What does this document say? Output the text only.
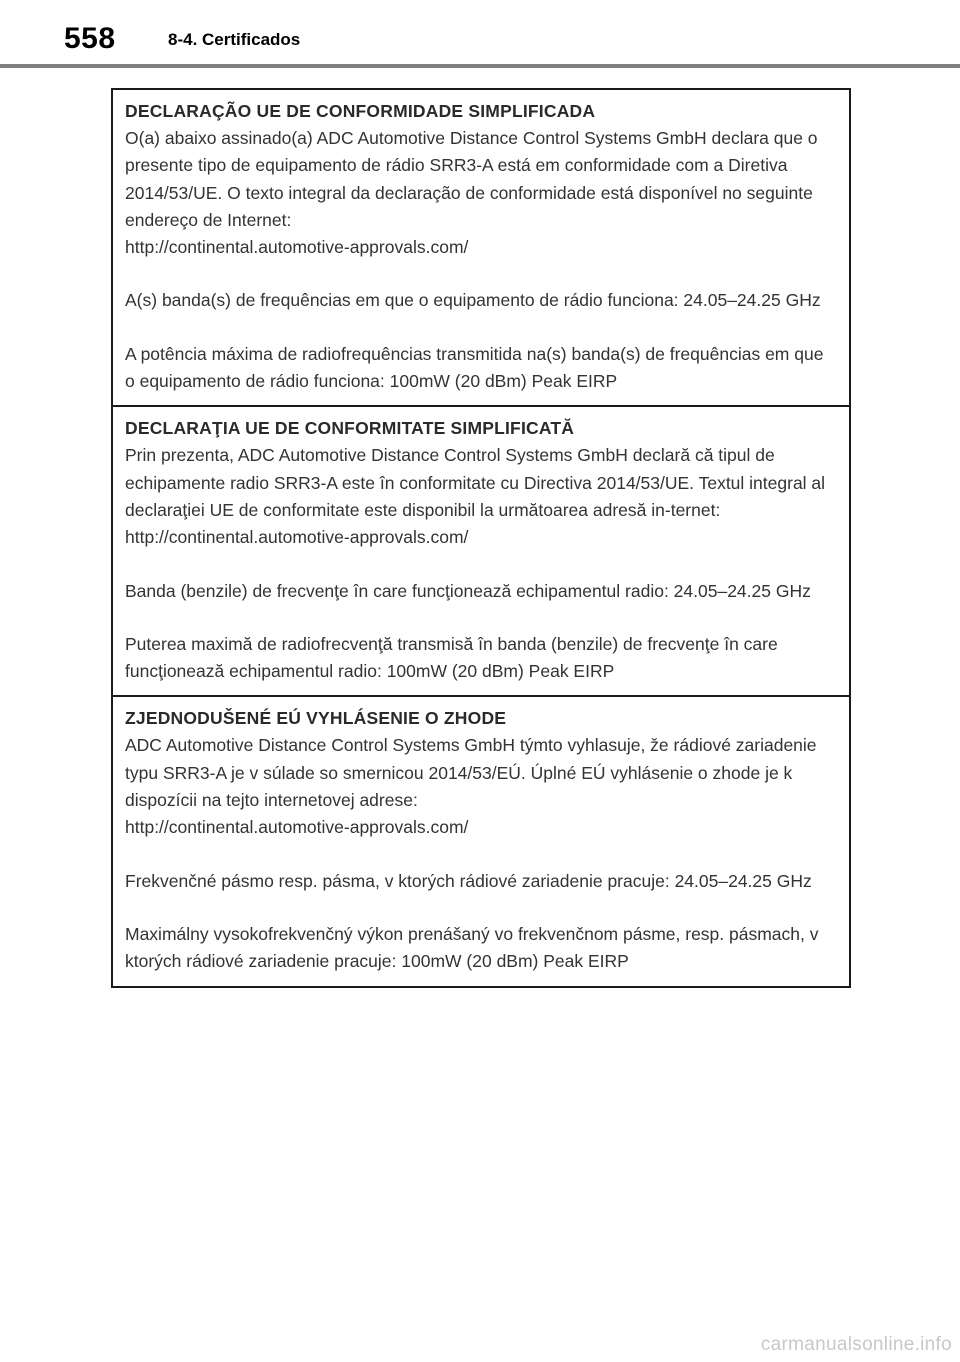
558	8-4. Certificados
DECLARAÇÃO UE DE CONFORMIDADE SIMPLIFICADA

O(a) abaixo assinado(a) ADC Automotive Distance Control Systems GmbH declara que o presente tipo de equipamento de rádio SRR3-A está em conformidade com a Diretiva 2014/53/UE. O texto integral da declaração de conformidade está disponível no seguinte endereço de Internet:
http://continental.automotive-approvals.com/

A(s) banda(s) de frequências em que o equipamento de rádio funciona: 24.05–24.25 GHz

A potência máxima de radiofrequências transmitida na(s) banda(s) de frequências em que o equipamento de rádio funciona: 100mW (20 dBm) Peak EIRP

DECLARAŢIA UE DE CONFORMITATE SIMPLIFICATĂ

Prin prezenta, ADC Automotive Distance Control Systems GmbH declară că tipul de echipamente radio SRR3-A este în conformitate cu Directiva 2014/53/UE. Textul integral al declaraţiei UE de conformitate este disponibil la următoarea adresă in-ternet:
http://continental.automotive-approvals.com/

Banda (benzile) de frecvenţe în care funcţionează echipamentul radio: 24.05–24.25 GHz

Puterea maximă de radiofrecvenţă transmisă în banda (benzile) de frecvenţe în care funcţionează echipamentul radio: 100mW (20 dBm) Peak EIRP

ZJEDNODUŠENÉ EÚ VYHLÁSENIE O ZHODE

ADC Automotive Distance Control Systems GmbH týmto vyhlasuje, že rádiové zariadenie typu SRR3-A je v súlade so smernicou 2014/53/EÚ. Úplné EÚ vyhlásenie o zhode je k dispozícii na tejto internetovej adrese:
http://continental.automotive-approvals.com/

Frekvenčné pásmo resp. pásma, v ktorých rádiové zariadenie pracuje: 24.05–24.25 GHz

Maximálny vysokofrekvenčný výkon prenášaný vo frekvenčnom pásme, resp. pásmach, v ktorých rádiové zariadenie pracuje: 100mW (20 dBm) Peak EIRP

carmanualsonline.info
